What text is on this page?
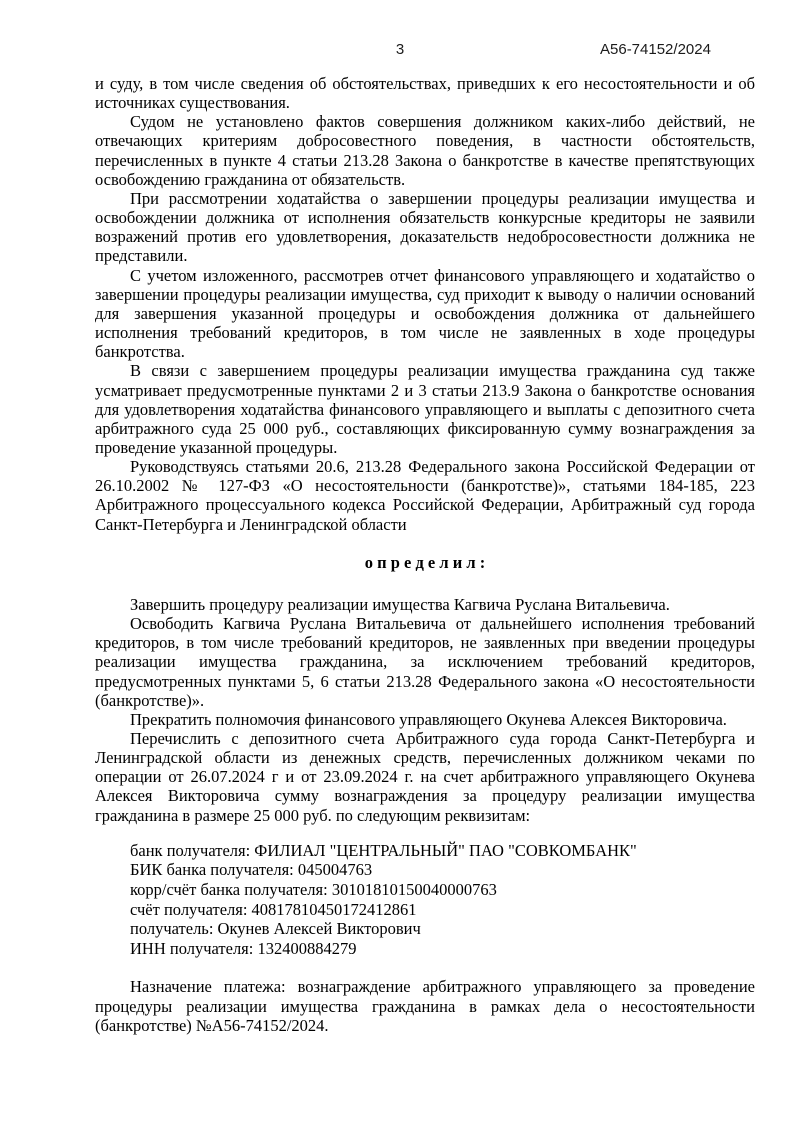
3	А56-74152/2024

и суду, в том числе сведения об обстоятельствах, приведших к его несостоятельности и об источниках существования.

Судом не установлено фактов совершения должником каких-либо действий, не отвечающих критериям добросовестного поведения, в частности обстоятельств, перечисленных в пункте 4 статьи 213.28 Закона о банкротстве в качестве препятствующих освобождению гражданина от обязательств.

При рассмотрении ходатайства о завершении процедуры реализации имущества и освобождении должника от исполнения обязательств конкурсные кредиторы не заявили возражений против его удовлетворения, доказательств недобросовестности должника не представили.

С учетом изложенного, рассмотрев отчет финансового управляющего и ходатайство о завершении процедуры реализации имущества, суд приходит к выводу о наличии оснований для завершения указанной процедуры и освобождения должника от дальнейшего исполнения требований кредиторов, в том числе не заявленных в ходе процедуры банкротства.

В связи с завершением процедуры реализации имущества гражданина суд также усматривает предусмотренные пунктами 2 и 3 статьи 213.9 Закона о банкротстве основания для удовлетворения ходатайства финансового управляющего и выплаты с депозитного счета арбитражного суда 25 000 руб., составляющих фиксированную сумму вознаграждения за проведение указанной процедуры.

Руководствуясь статьями 20.6, 213.28 Федерального закона Российской Федерации от 26.10.2002 № 127-ФЗ «О несостоятельности (банкротстве)», статьями 184-185, 223 Арбитражного процессуального кодекса Российской Федерации, Арбитражный суд города Санкт-Петербурга и Ленинградской области

о п р е д е л и л :

Завершить процедуру реализации имущества Кагвича Руслана Витальевича.

Освободить Кагвича Руслана Витальевича от дальнейшего исполнения требований кредиторов, в том числе требований кредиторов, не заявленных при введении процедуры реализации имущества гражданина, за исключением требований кредиторов, предусмотренных пунктами 5, 6 статьи 213.28 Федерального закона «О несостоятельности (банкротстве)».

Прекратить полномочия финансового управляющего Окунева Алексея Викторовича.

Перечислить с депозитного счета Арбитражного суда города Санкт-Петербурга и Ленинградской области из денежных средств, перечисленных должником чеками по операции от 26.07.2024 г и от 23.09.2024 г. на счет арбитражного управляющего Окунева Алексея Викторовича сумму вознаграждения за процедуру реализации имущества гражданина в размере 25 000 руб. по следующим реквизитам:

банк получателя: ФИЛИАЛ "ЦЕНТРАЛЬНЫЙ" ПАО "СОВКОМБАНК"

БИК банка получателя: 045004763

корр/счёт банка получателя: 30101810150040000763

счёт получателя: 40817810450172412861

получатель: Окунев Алексей Викторович

ИНН получателя: 132400884279

Назначение платежа: вознаграждение арбитражного управляющего за проведение процедуры реализации имущества гражданина в рамках дела о несостоятельности (банкротстве) №А56-74152/2024.
